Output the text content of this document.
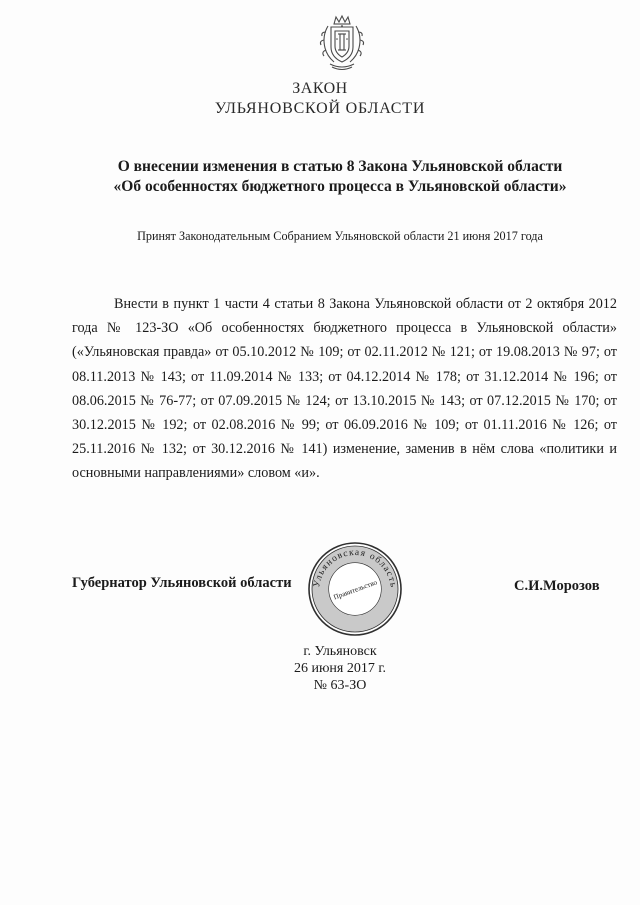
ЗАКОН
УЛЬЯНОВСКОЙ ОБЛАСТИ
О внесении изменения в статью 8 Закона Ульяновской области
«Об особенностях бюджетного процесса в Ульяновской области»
Принят Законодательным Собранием Ульяновской области 21 июня 2017 года
Внести в пункт 1 части 4 статьи 8 Закона Ульяновской области от 2 октября 2012 года № 123-ЗО «Об особенностях бюджетного процесса в Ульяновской области» («Ульяновская правда» от 05.10.2012 № 109; от 02.11.2012 № 121; от 19.08.2013 № 97; от 08.11.2013 № 143; от 11.09.2014 № 133; от 04.12.2014 № 178; от 31.12.2014 № 196; от 08.06.2015 № 76-77; от 07.09.2015 № 124; от 13.10.2015 № 143; от 07.12.2015 № 170; от 30.12.2015 № 192; от 02.08.2016 № 99; от 06.09.2016 № 109; от 01.11.2016 № 126; от 25.11.2016 № 132; от 30.12.2016 № 141) изменение, заменив в нём слова «политики и основными направлениями» словом «и».
Губернатор Ульяновской области	С.И.Морозов
Ульяновская область
Правительство
г. Ульяновск
26 июня 2017 г.
№ 63-ЗО
